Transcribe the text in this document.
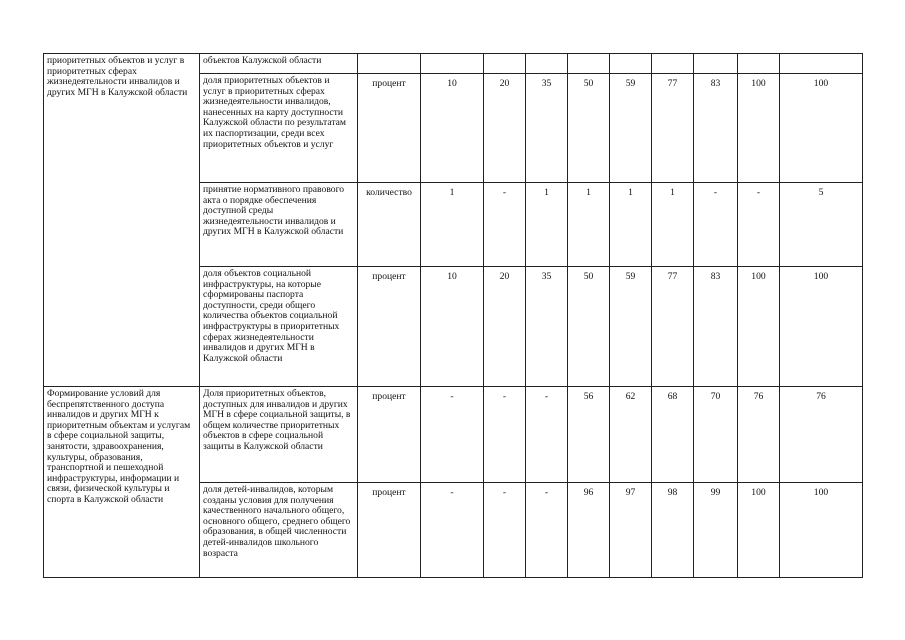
приоритетных объектов и услуг в приоритетных сферах жизнедеятельности инвалидов и других МГН в Калужской области	объектов Калужской области										
	доля приоритетных объектов и услуг в приоритетных сферах жизнедеятельности инвалидов, нанесенных на карту доступности Калужской области по результатам их паспортизации, среди всех приоритетных объектов и услуг	процент	10	20	35	50	59	77	83	100	100
	принятие нормативного правового акта о порядке обеспечения доступной среды жизнедеятельности инвалидов и других МГН в Калужской области	количество	1	-	1	1	1	1	-	-	5
	доля объектов социальной инфраструктуры, на которые сформированы паспорта доступности, среди общего количества объектов социальной инфраструктуры в приоритетных сферах жизнедеятельности инвалидов и других МГН в Калужской области	процент	10	20	35	50	59	77	83	100	100
Формирование условий для беспрепятственного доступа инвалидов и других МГН к приоритетным объектам и услугам в сфере социальной защиты, занятости, здравоохранения, культуры, образования, транспортной и пешеходной инфраструктуры, информации и связи, физической культуры и спорта в Калужской области	Доля приоритетных объектов, доступных для инвалидов и других МГН в сфере социальной защиты, в общем количестве приоритетных объектов в сфере социальной защиты в Калужской области	процент	-	-	-	56	62	68	70	76	76
	доля детей-инвалидов, которым созданы условия для получения качественного начального общего, основного общего, среднего общего образования, в общей численности детей-инвалидов школьного возраста	процент	-	-	-	96	97	98	99	100	100
